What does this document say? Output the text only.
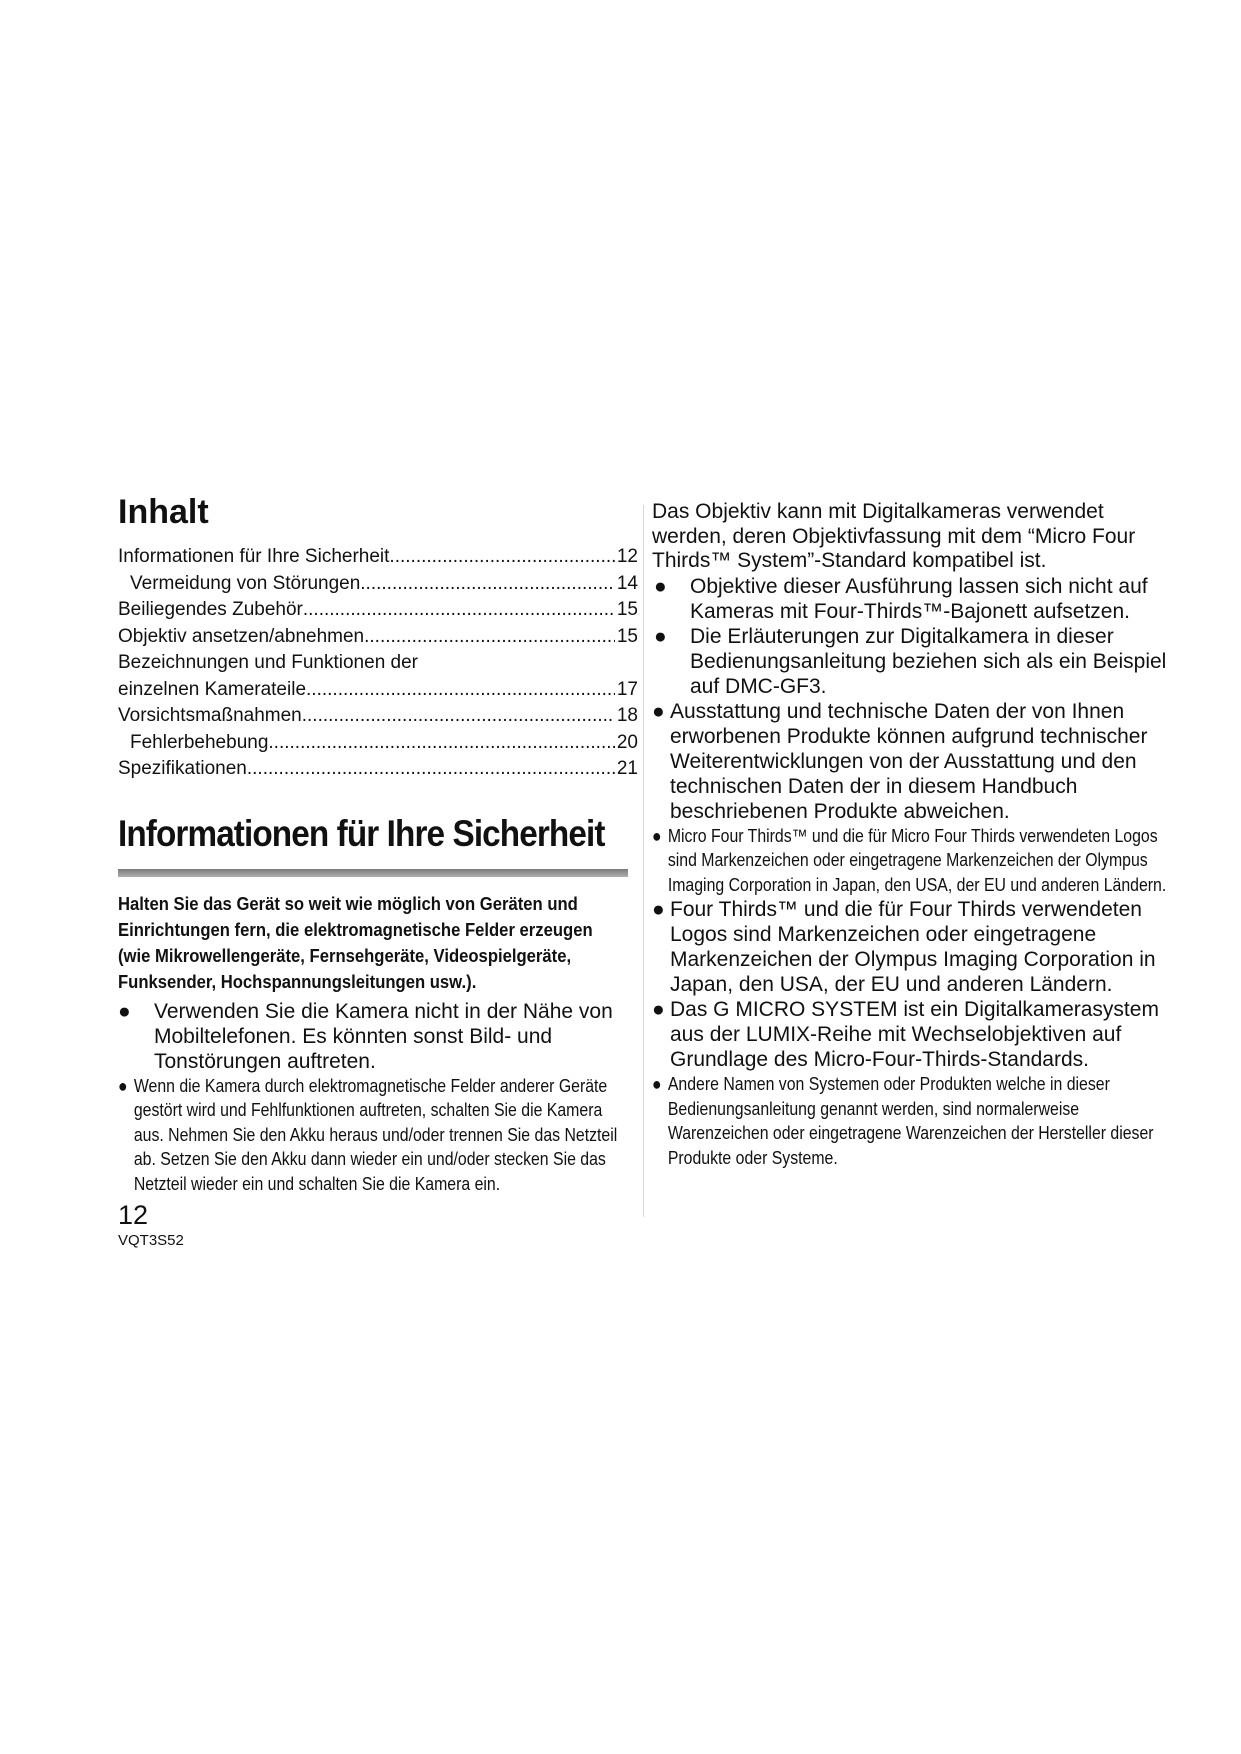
Inhalt
Informationen für Ihre Sicherheit .....	12
Vermeidung von Störungen .....	14
Beiliegendes Zubehör .....	15
Objektiv ansetzen/abnehmen .....	15
Bezeichnungen und Funktionen der
einzelnen Kamerateile .....	17
Vorsichtsmaßnahmen .....	18
Fehlerbehebung .....	20
Spezifikationen .....	21
Informationen für Ihre Sicherheit

Halten Sie das Gerät so weit wie möglich von Geräten und Einrichtungen fern, die elektromagnetische Felder erzeugen (wie Mikrowellengeräte, Fernsehgeräte, Videospielgeräte, Funksender, Hochspannungsleitungen usw.).

● Verwenden Sie die Kamera nicht in der Nähe von Mobiltelefonen. Es könnten sonst Bild- und Tonstörungen auftreten.
● Wenn die Kamera durch elektromagnetische Felder anderer Geräte gestört wird und Fehlfunktionen auftreten, schalten Sie die Kamera aus. Nehmen Sie den Akku heraus und/oder trennen Sie das Netzteil ab. Setzen Sie den Akku dann wieder ein und/oder stecken Sie das Netzteil wieder ein und schalten Sie die Kamera ein.

Das Objektiv kann mit Digitalkameras verwendet werden, deren Objektivfassung mit dem “Micro Four Thirds™ System”-Standard kompatibel ist.

● Objektive dieser Ausführung lassen sich nicht auf Kameras mit Four-Thirds™-Bajonett aufsetzen.
● Die Erläuterungen zur Digitalkamera in dieser Bedienungsanleitung beziehen sich als ein Beispiel auf DMC-GF3.
● Ausstattung und technische Daten der von Ihnen erworbenen Produkte können aufgrund technischer Weiterentwicklungen von der Ausstattung und den technischen Daten der in diesem Handbuch beschriebenen Produkte abweichen.
● Micro Four Thirds™ und die für Micro Four Thirds verwendeten Logos sind Markenzeichen oder eingetragene Markenzeichen der Olympus Imaging Corporation in Japan, den USA, der EU und anderen Ländern.
● Four Thirds™ und die für Four Thirds verwendeten Logos sind Markenzeichen oder eingetragene Markenzeichen der Olympus Imaging Corporation in Japan, den USA, der EU und anderen Ländern.
● Das G MICRO SYSTEM ist ein Digitalkamerasystem aus der LUMIX-Reihe mit Wechselobjektiven auf Grundlage des Micro-Four-Thirds-Standards.
● Andere Namen von Systemen oder Produkten welche in dieser Bedienungsanleitung genannt werden, sind normalerweise Warenzeichen oder eingetragene Warenzeichen der Hersteller dieser Produkte oder Systeme.
12
VQT3S52
